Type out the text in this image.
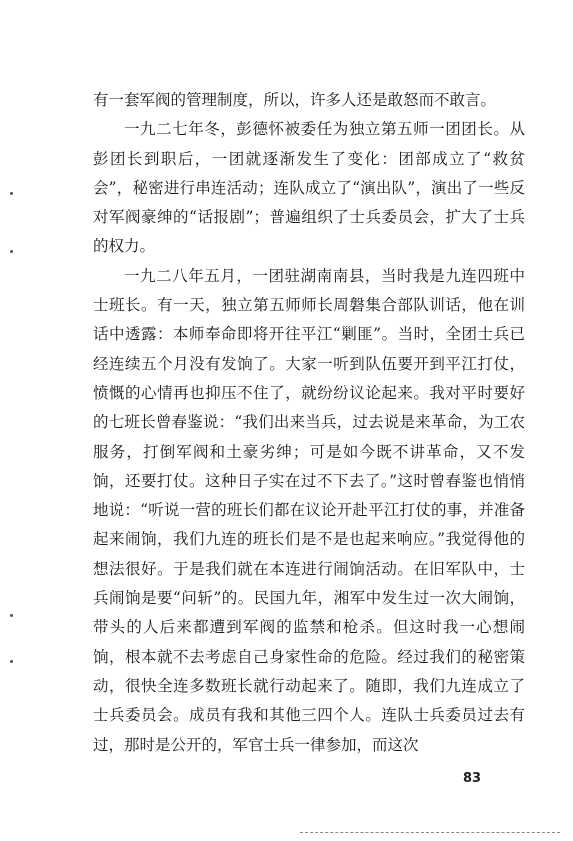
有一套军阀的管理制度，所以，许多人还是敢怒而不敢言。

一九二七年冬，彭德怀被委任为独立第五师一团团长。从彭团长到职后，一团就逐渐发生了变化：团部成立了“救贫会”，秘密进行串连活动；连队成立了“演出队”，演出了一些反对军阀豪绅的“话报剧”；普遍组织了士兵委员会，扩大了士兵的权力。

一九二八年五月，一团驻湖南南县，当时我是九连四班中士班长。有一天，独立第五师师长周磐集合部队训话，他在训话中透露：本师奉命即将开往平江“剿匪”。当时，全团士兵已经连续五个月没有发饷了。大家一听到队伍要开到平江打仗，愤慨的心情再也抑压不住了，就纷纷议论起来。我对平时要好的七班长曾春鉴说：“我们出来当兵，过去说是来革命，为工农服务，打倒军阀和土豪劣绅；可是如今既不讲革命，又不发饷，还要打仗。这种日子实在过不下去了。”这时曾春鉴也悄悄地说：“听说一营的班长们都在议论开赴平江打仗的事，并准备起来闹饷，我们九连的班长们是不是也起来响应。”我觉得他的想法很好。于是我们就在本连进行闹饷活动。在旧军队中，士兵闹饷是要“问斩”的。民国九年，湘军中发生过一次大闹饷，带头的人后来都遭到军阀的监禁和枪杀。但这时我一心想闹饷，根本就不去考虑自己身家性命的危险。经过我们的秘密策动，很快全连多数班长就行动起来了。随即，我们九连成立了士兵委员会。成员有我和其他三四个人。连队士兵委员过去有过，那时是公开的，军官士兵一律参加，而这次

83
